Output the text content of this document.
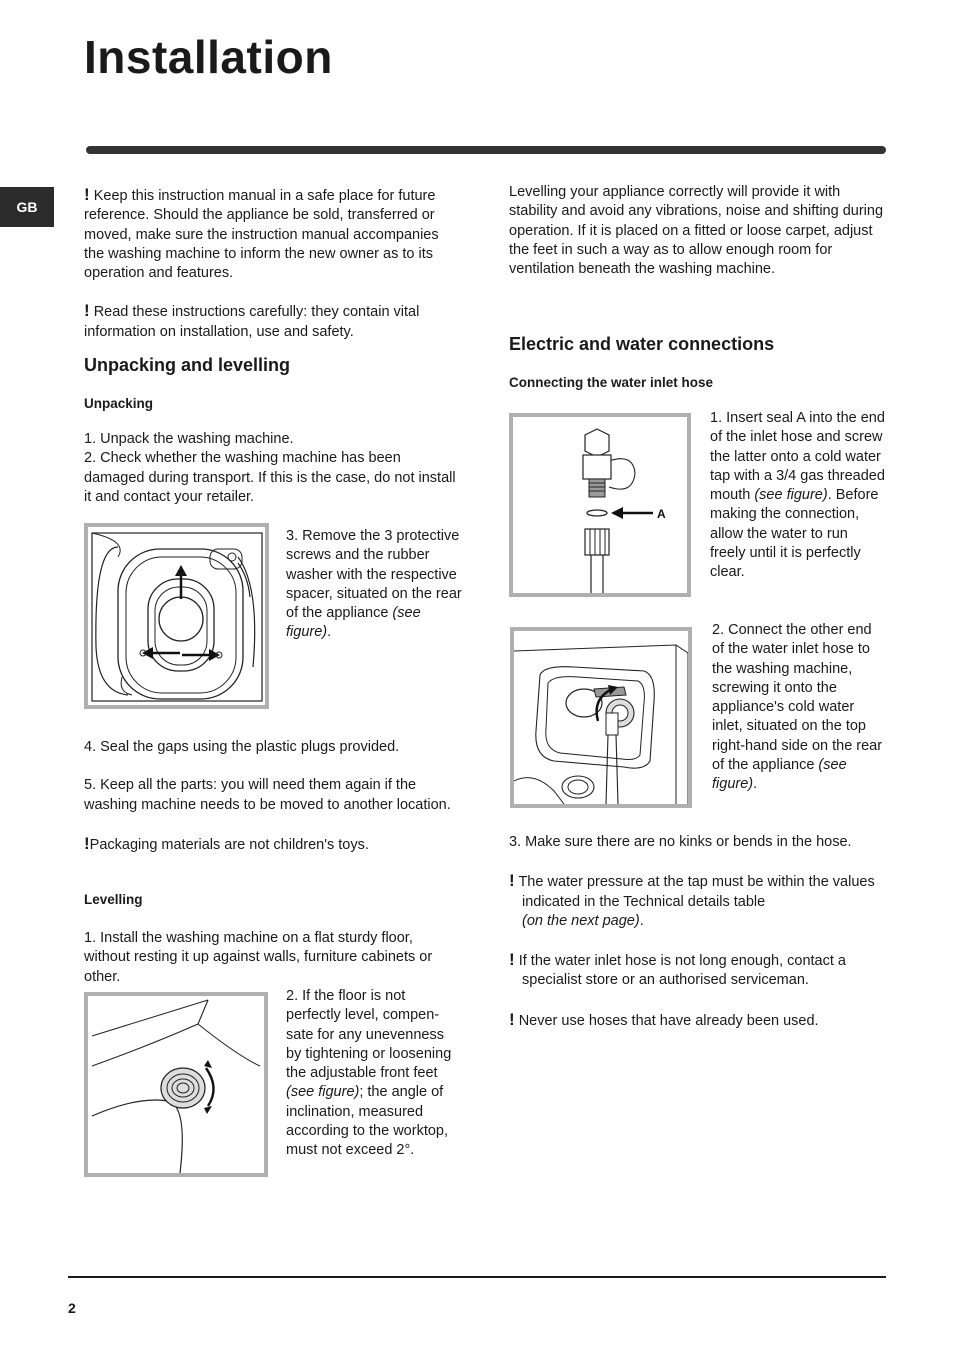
Installation
GB

! Keep this instruction manual in a safe place for future reference. Should the appliance be sold, transferred or moved, make sure the instruction manual accompanies the washing machine to inform the new owner as to its operation and features.

! Read these instructions carefully: they contain vital information on installation, use and safety.

Unpacking and levelling
Unpacking

1. Unpack the washing machine.

2. Check whether the washing machine has been damaged during transport. If this is the case, do not install it and contact your retailer.

3. Remove the 3 protective screws and the rubber washer with the respective spacer, situated on the rear of the appliance (see figure).

4. Seal the gaps using the plastic plugs provided.

5. Keep all the parts: you will need them again if the washing machine needs to be moved to another location.

!Packaging materials are not children's toys.

Levelling

1. Install the washing machine on a flat sturdy floor, without resting it up against walls, furniture cabinets or other.

2. If the floor is not perfectly level, compen- sate for any unevenness by tightening or loosening the adjustable front feet (see figure); the angle of inclination, measured according to the worktop, must not exceed 2°.

Levelling your appliance correctly will provide it with stability and avoid any vibrations, noise and shifting during operation. If it is placed on a fitted or loose carpet, adjust the feet in such a way as to allow enough room for ventilation beneath the washing machine.

Electric and water connections
Connecting the water inlet hose
A

1. Insert seal A into the end of the inlet hose and screw the latter onto a cold water tap with a 3/4 gas threaded mouth (see figure). Before making the connection, allow the water to run freely until it is perfectly clear.

2. Connect the other end of the water inlet hose to the washing machine, screwing it onto the appliance's cold water inlet, situated on the top right-hand side on the rear of the appliance (see figure).

3. Make sure there are no kinks or bends in the hose.

! The water pressure at the tap must be within the values indicated in the Technical details table
(on the next page).

! If the water inlet hose is not long enough, contact a specialist store or an authorised serviceman.

! Never use hoses that have already been used.

2
